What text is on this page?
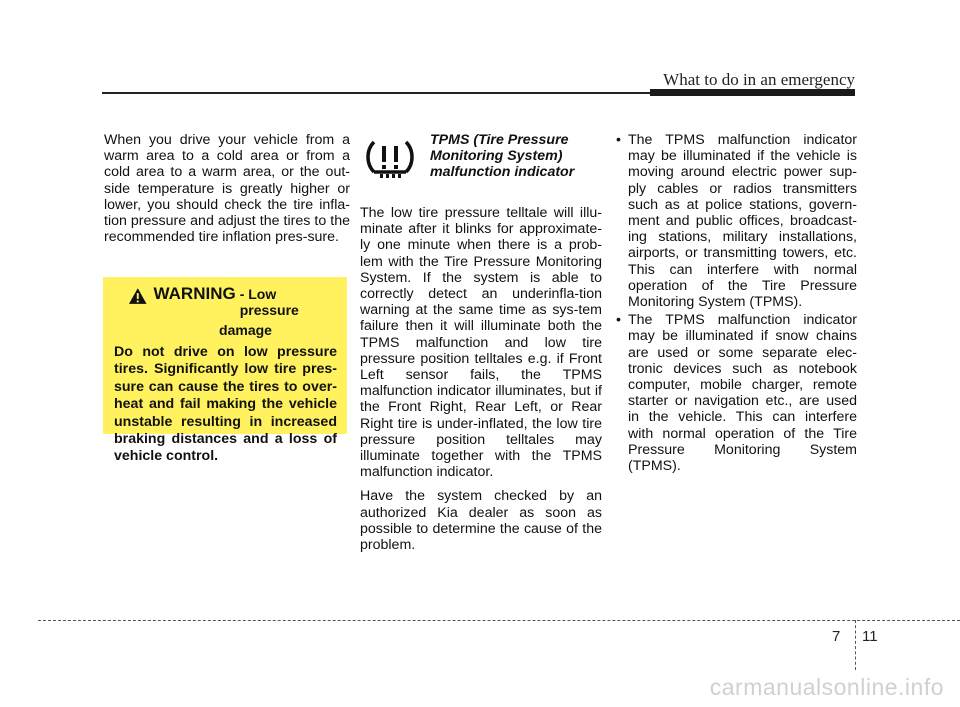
What to do in an emergency

When you drive your vehicle from a warm area to a cold area or from a cold area to a warm area, or the out-side temperature is greatly higher or lower, you should check the tire infla-tion pressure and adjust the tires to the recommended tire inflation pres-sure.

WARNING - Low pressure
damage
Do not drive on low pressure tires. Significantly low tire pres-sure can cause the tires to over-heat and fail making the vehicle unstable resulting in increased braking distances and a loss of vehicle control.
TPMS (Tire Pressure Monitoring System) malfunction indicator

The low tire pressure telltale will illu-minate after it blinks for approximate-ly one minute when there is a prob-lem with the Tire Pressure Monitoring System. If the system is able to correctly detect an underinfla-tion warning at the same time as sys-tem failure then it will illuminate both the TPMS malfunction and low tire pressure position telltales e.g. if Front Left sensor fails, the TPMS malfunction indicator illuminates, but if the Front Right, Rear Left, or Rear Right tire is under-inflated, the low tire pressure position telltales may illuminate together with the TPMS malfunction indicator.

Have the system checked by an authorized Kia dealer as soon as possible to determine the cause of the problem.

• The TPMS malfunction indicator may be illuminated if the vehicle is moving around electric power sup-ply cables or radios transmitters such as at police stations, govern-ment and public offices, broadcast-ing stations, military installations, airports, or transmitting towers, etc. This can interfere with normal operation of the Tire Pressure Monitoring System (TPMS).
• The TPMS malfunction indicator may be illuminated if snow chains are used or some separate elec-tronic devices such as notebook computer, mobile charger, remote starter or navigation etc., are used in the vehicle. This can interfere with normal operation of the Tire Pressure Monitoring System (TPMS).
7 11
carmanualsonline.info
